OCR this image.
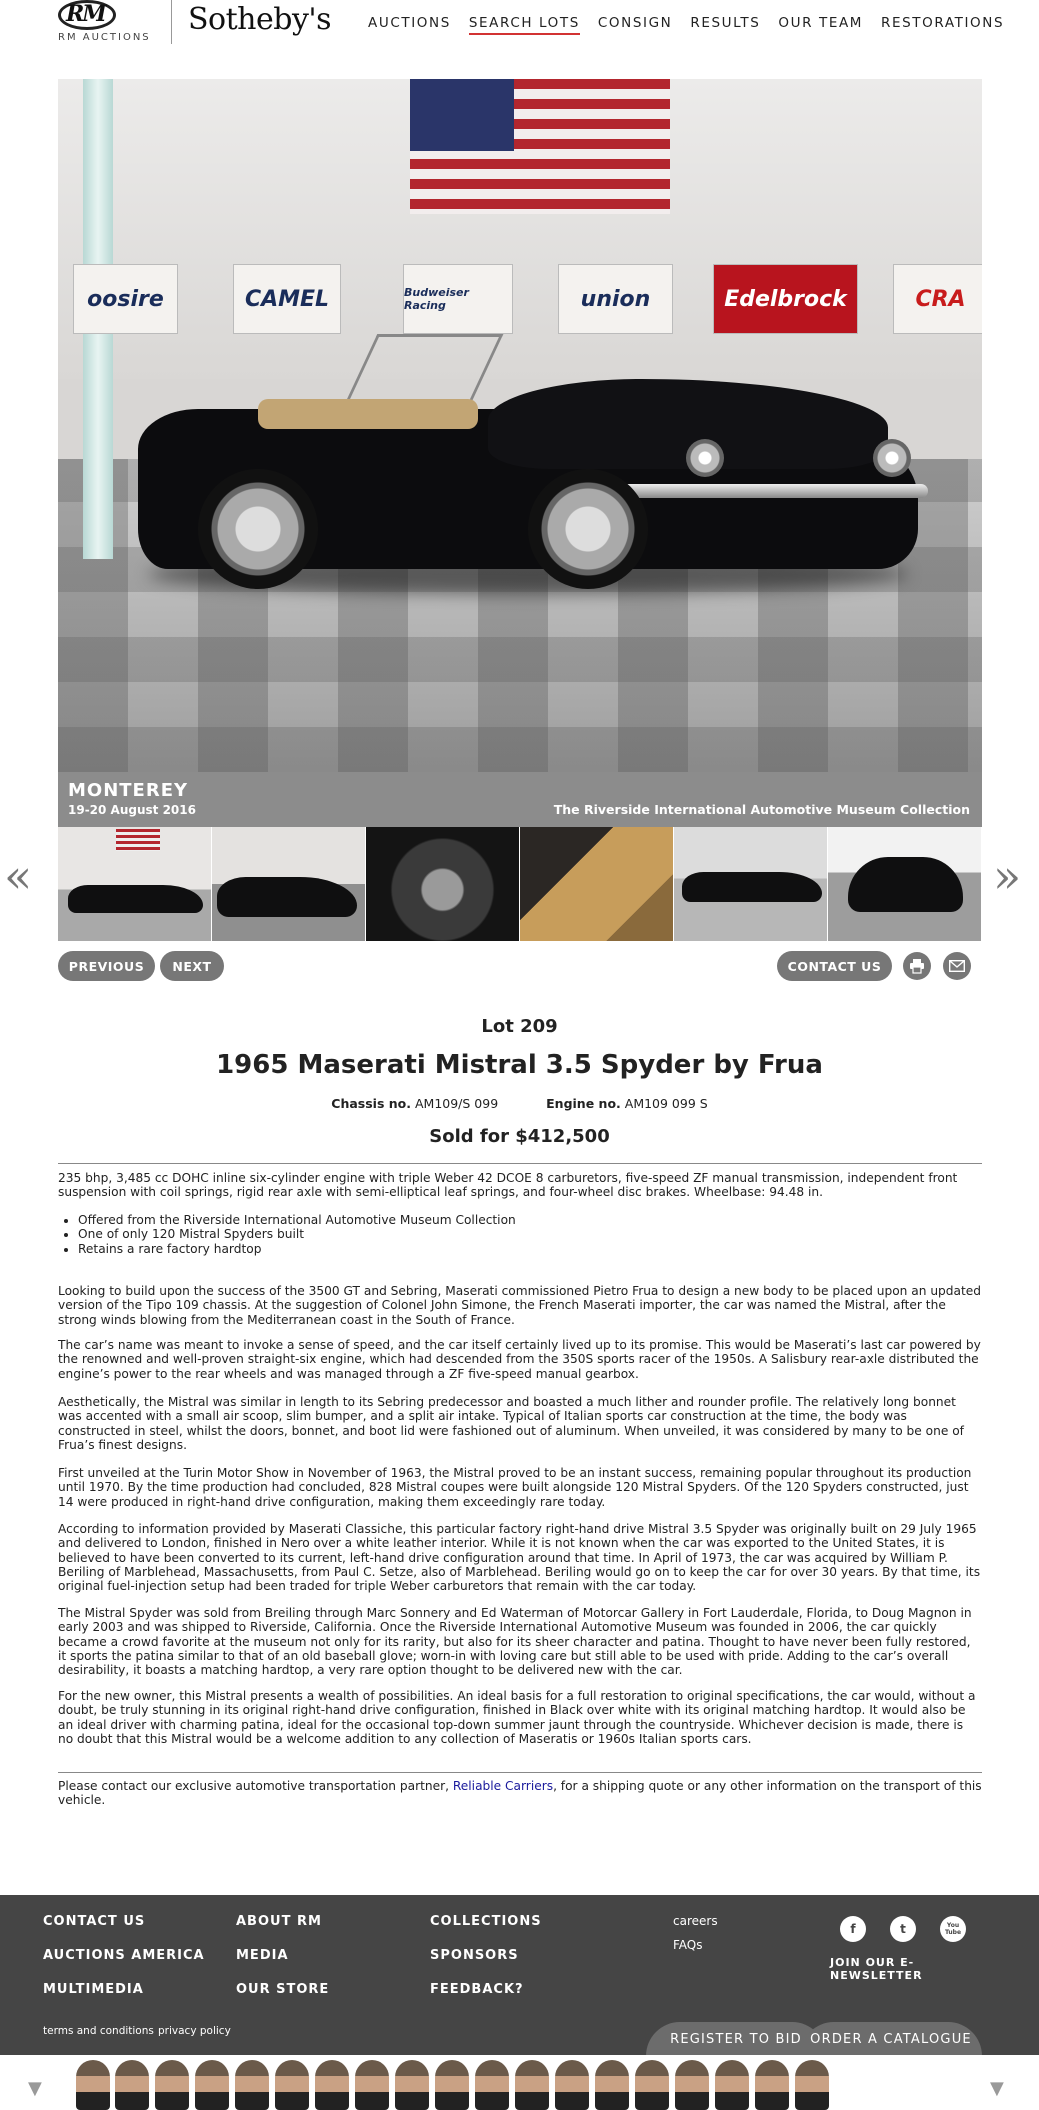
RM
RM AUCTIONS
Sotheby's	AUCTIONS SEARCH LOTS CONSIGN RESULTS OUR TEAM RESTORATIONS
oosire	CAMEL	Budweiser Racing	union	Edelbrock	CRA
MONTEREY
19-20 August 2016	The Riverside International Automotive Museum Collection
«	»
PREVIOUS	NEXT	CONTACT US
Lot 209
1965 Maserati Mistral 3.5 Spyder by Frua
Chassis no. AM109/S 099	Engine no. AM109 099 S
Sold for $412,500

235 bhp, 3,485 cc DOHC inline six-cylinder engine with triple Weber 42 DCOE 8 carburetors, five-speed ZF manual transmission, independent front suspension with coil springs, rigid rear axle with semi-elliptical leaf springs, and four-wheel disc brakes. Wheelbase: 94.48 in.

• Offered from the Riverside International Automotive Museum Collection
• One of only 120 Mistral Spyders built
• Retains a rare factory hardtop

Looking to build upon the success of the 3500 GT and Sebring, Maserati commissioned Pietro Frua to design a new body to be placed upon an updated version of the Tipo 109 chassis. At the suggestion of Colonel John Simone, the French Maserati importer, the car was named the Mistral, after the strong winds blowing from the Mediterranean coast in the South of France.

The car’s name was meant to invoke a sense of speed, and the car itself certainly lived up to its promise. This would be Maserati’s last car powered by the renowned and well-proven straight-six engine, which had descended from the 350S sports racer of the 1950s. A Salisbury rear-axle distributed the engine’s power to the rear wheels and was managed through a ZF five-speed manual gearbox.

Aesthetically, the Mistral was similar in length to its Sebring predecessor and boasted a much lither and rounder profile. The relatively long bonnet was accented with a small air scoop, slim bumper, and a split air intake. Typical of Italian sports car construction at the time, the body was constructed in steel, whilst the doors, bonnet, and boot lid were fashioned out of aluminum. When unveiled, it was considered by many to be one of Frua’s finest designs.

First unveiled at the Turin Motor Show in November of 1963, the Mistral proved to be an instant success, remaining popular throughout its production until 1970. By the time production had concluded, 828 Mistral coupes were built alongside 120 Mistral Spyders. Of the 120 Spyders constructed, just 14 were produced in right-hand drive configuration, making them exceedingly rare today.

According to information provided by Maserati Classiche, this particular factory right-hand drive Mistral 3.5 Spyder was originally built on 29 July 1965 and delivered to London, finished in Nero over a white leather interior. While it is not known when the car was exported to the United States, it is believed to have been converted to its current, left-hand drive configuration around that time. In April of 1973, the car was acquired by William P. Beriling of Marblehead, Massachusetts, from Paul C. Setze, also of Marblehead. Beriling would go on to keep the car for over 30 years. By that time, its original fuel-injection setup had been traded for triple Weber carburetors that remain with the car today.

The Mistral Spyder was sold from Breiling through Marc Sonnery and Ed Waterman of Motorcar Gallery in Fort Lauderdale, Florida, to Doug Magnon in early 2003 and was shipped to Riverside, California. Once the Riverside International Automotive Museum was founded in 2006, the car quickly became a crowd favorite at the museum not only for its rarity, but also for its sheer character and patina. Thought to have never been fully restored, it sports the patina similar to that of an old baseball glove; worn-in with loving care but still able to be used with pride. Adding to the car’s overall desirability, it boasts a matching hardtop, a very rare option thought to be delivered new with the car.

For the new owner, this Mistral presents a wealth of possibilities. An ideal basis for a full restoration to original specifications, the car would, without a doubt, be truly stunning in its original right-hand drive configuration, finished in Black over white with its original matching hardtop. It would also be an ideal driver with charming patina, ideal for the occasional top-down summer jaunt through the countryside. Whichever decision is made, there is no doubt that this Mistral would be a welcome addition to any collection of Maseratis or 1960s Italian sports cars.

Please contact our exclusive automotive transportation partner, Reliable Carriers, for a shipping quote or any other information on the transport of this vehicle.

CONTACT US
AUCTIONS AMERICA
MULTIMEDIA
ABOUT RM
MEDIA
OUR STORE
COLLECTIONS
SPONSORS
FEEDBACK?
careers
FAQs
f	t	You Tube
JOIN OUR E-NEWSLETTER
terms and conditions privacy policy
REGISTER TO BID ORDER A CATALOGUE
▼	▼
